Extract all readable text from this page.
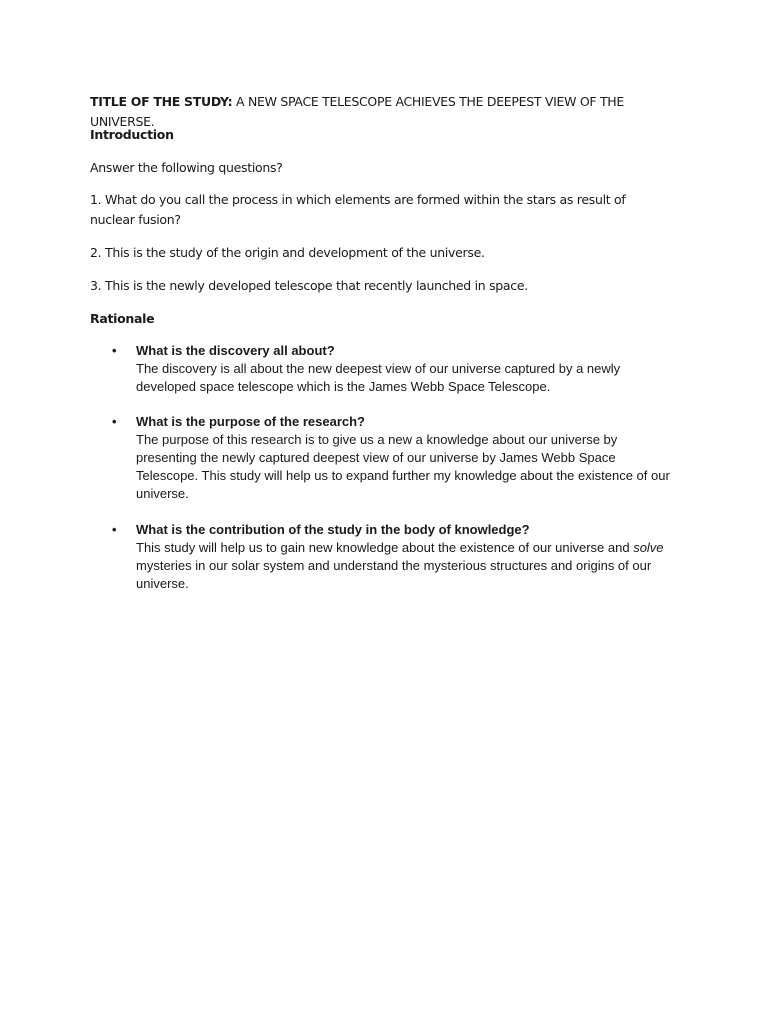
TITLE OF THE STUDY: A NEW SPACE TELESCOPE ACHIEVES THE DEEPEST VIEW OF THE UNIVERSE.

Introduction

Answer the following questions?

1. What do you call the process in which elements are formed within the stars as result of nuclear fusion?

2. This is the study of the origin and development of the universe.

3. This is the newly developed telescope that recently launched in space.

Rationale

• What is the discovery all about?
The discovery is all about the new deepest view of our universe captured by a newly developed space telescope which is the James Webb Space Telescope.
• What is the purpose of the research?
The purpose of this research is to give us a new a knowledge about our universe by presenting the newly captured deepest view of our universe by James Webb Space Telescope. This study will help us to expand further my knowledge about the existence of our universe.
• What is the contribution of the study in the body of knowledge?
This study will help us to gain new knowledge about the existence of our universe and solve mysteries in our solar system and understand the mysterious structures and origins of our universe.
